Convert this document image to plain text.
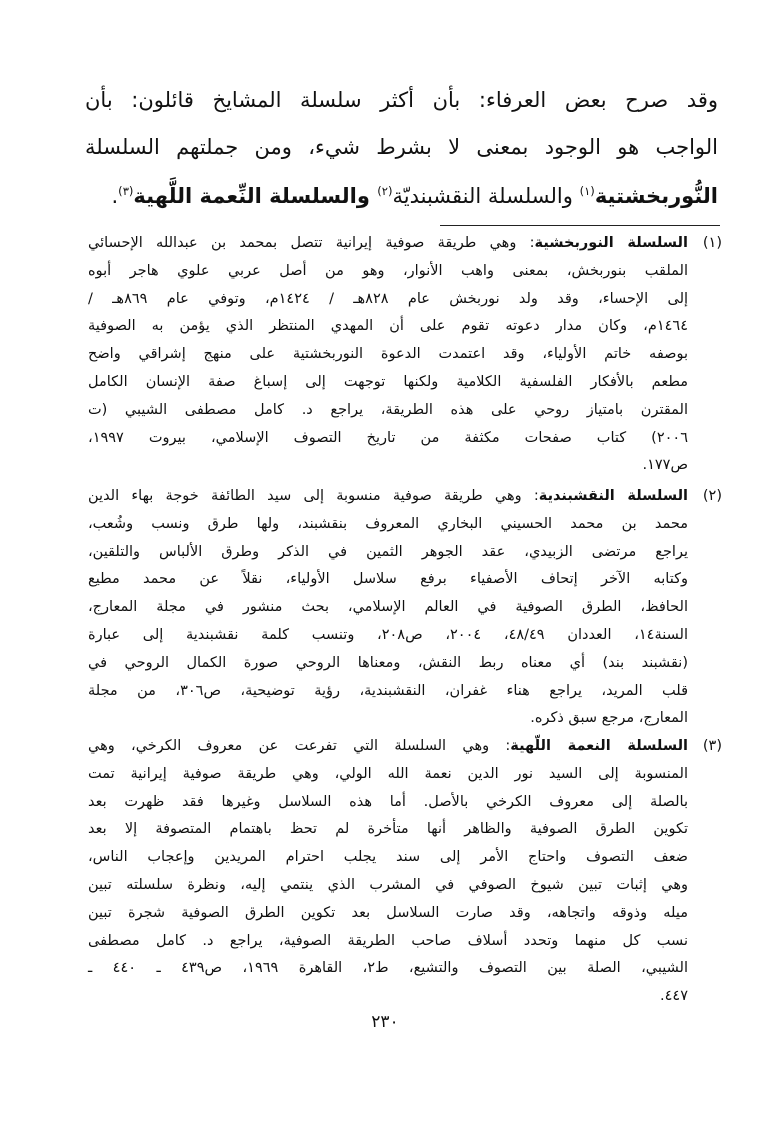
وقد صرح بعض العرفاء: بأن أكثر سلسلة المشايخ قائلون: بأن
الواجب هو الوجود بمعنى لا بشرط شيء، ومن جملتهم السلسلة
النُّوربخشتية$^{(١)}$ والسلسلة النقشبنديّة$^{(٢)}$ والسلسلة النِّعمة اللَّهية$^{(٣)}$.
(١)
السلسلة النوربخشية: وهي طريقة صوفية إيرانية تتصل بمحمد بن عبدالله الإحسائي
الملقب بنوربخش، بمعنى واهب الأنوار، وهو من أصل عربي علوي هاجر أبوه
إلى الإحساء، وقد ولد نوربخش عام ٨٢٨هـ / ١٤٢٤م، وتوفي عام ٨٦٩هـ /
١٤٦٤م، وكان مدار دعوته تقوم على أن المهدي المنتظر الذي يؤمن به الصوفية
بوصفه خاتم الأولياء، وقد اعتمدت الدعوة النوربخشتية على منهج إشراقي واضح
مطعم بالأفكار الفلسفية الكلامية ولكنها توجهت إلى إسباغ صفة الإنسان الكامل
المقترن بامتياز روحي على هذه الطريقة، يراجع د. كامل مصطفى الشيبي (ت
٢٠٠٦) كتاب صفحات مكثفة من تاريخ التصوف الإسلامي، بيروت ١٩٩٧،
ص١٧٧.
(٢)
السلسلة النقشبندية: وهي طريقة صوفية منسوبة إلى سيد الطائفة خوجة بهاء الدين
محمد بن محمد الحسيني البخاري المعروف بنقشبند، ولها طرق ونسب وشُعب،
يراجع مرتضى الزبيدي، عقد الجوهر الثمين في الذكر وطرق الألباس والتلقين،
وكتابه الآخر إتحاف الأصفياء برفع سلاسل الأولياء، نقلاً عن محمد مطيع
الحافظ، الطرق الصوفية في العالم الإسلامي، بحث منشور في مجلة المعارج،
السنة١٤، العددان ٤٨/٤٩، ٢٠٠٤، ص٢٠٨، وتنسب كلمة نقشبندية إلى عبارة
(نقشبند بند) أي معناه ربط النقش، ومعناها الروحي صورة الكمال الروحي في
قلب المريد، يراجع هناء غفران، النقشبندية، رؤية توضيحية، ص٣٠٦، من مجلة
المعارج، مرجع سبق ذكره.
(٣)
السلسلة النعمة اللّهية: وهي السلسلة التي تفرعت عن معروف الكرخي، وهي
المنسوبة إلى السيد نور الدين نعمة الله الولي، وهي طريقة صوفية إيرانية تمت
بالصلة إلى معروف الكرخي بالأصل. أما هذه السلاسل وغيرها فقد ظهرت بعد
تكوين الطرق الصوفية والظاهر أنها متأخرة لم تحظ باهتمام المتصوفة إلا بعد
ضعف التصوف واحتاج الأمر إلى سند يجلب احترام المريدين وإعجاب الناس،
وهي إثبات تبين شيوخ الصوفي في المشرب الذي ينتمي إليه، ونظرة سلسلته تبين
ميله وذوقه واتجاهه، وقد صارت السلاسل بعد تكوين الطرق الصوفية شجرة تبين
نسب كل منهما وتحدد أسلاف صاحب الطريقة الصوفية، يراجع د. كامل مصطفى
الشيبي، الصلة بين التصوف والتشيع، ط٢، القاهرة ١٩٦٩، ص٤٣٩ ـ ٤٤٠ ـ
٤٤٧.
٢٣٠
